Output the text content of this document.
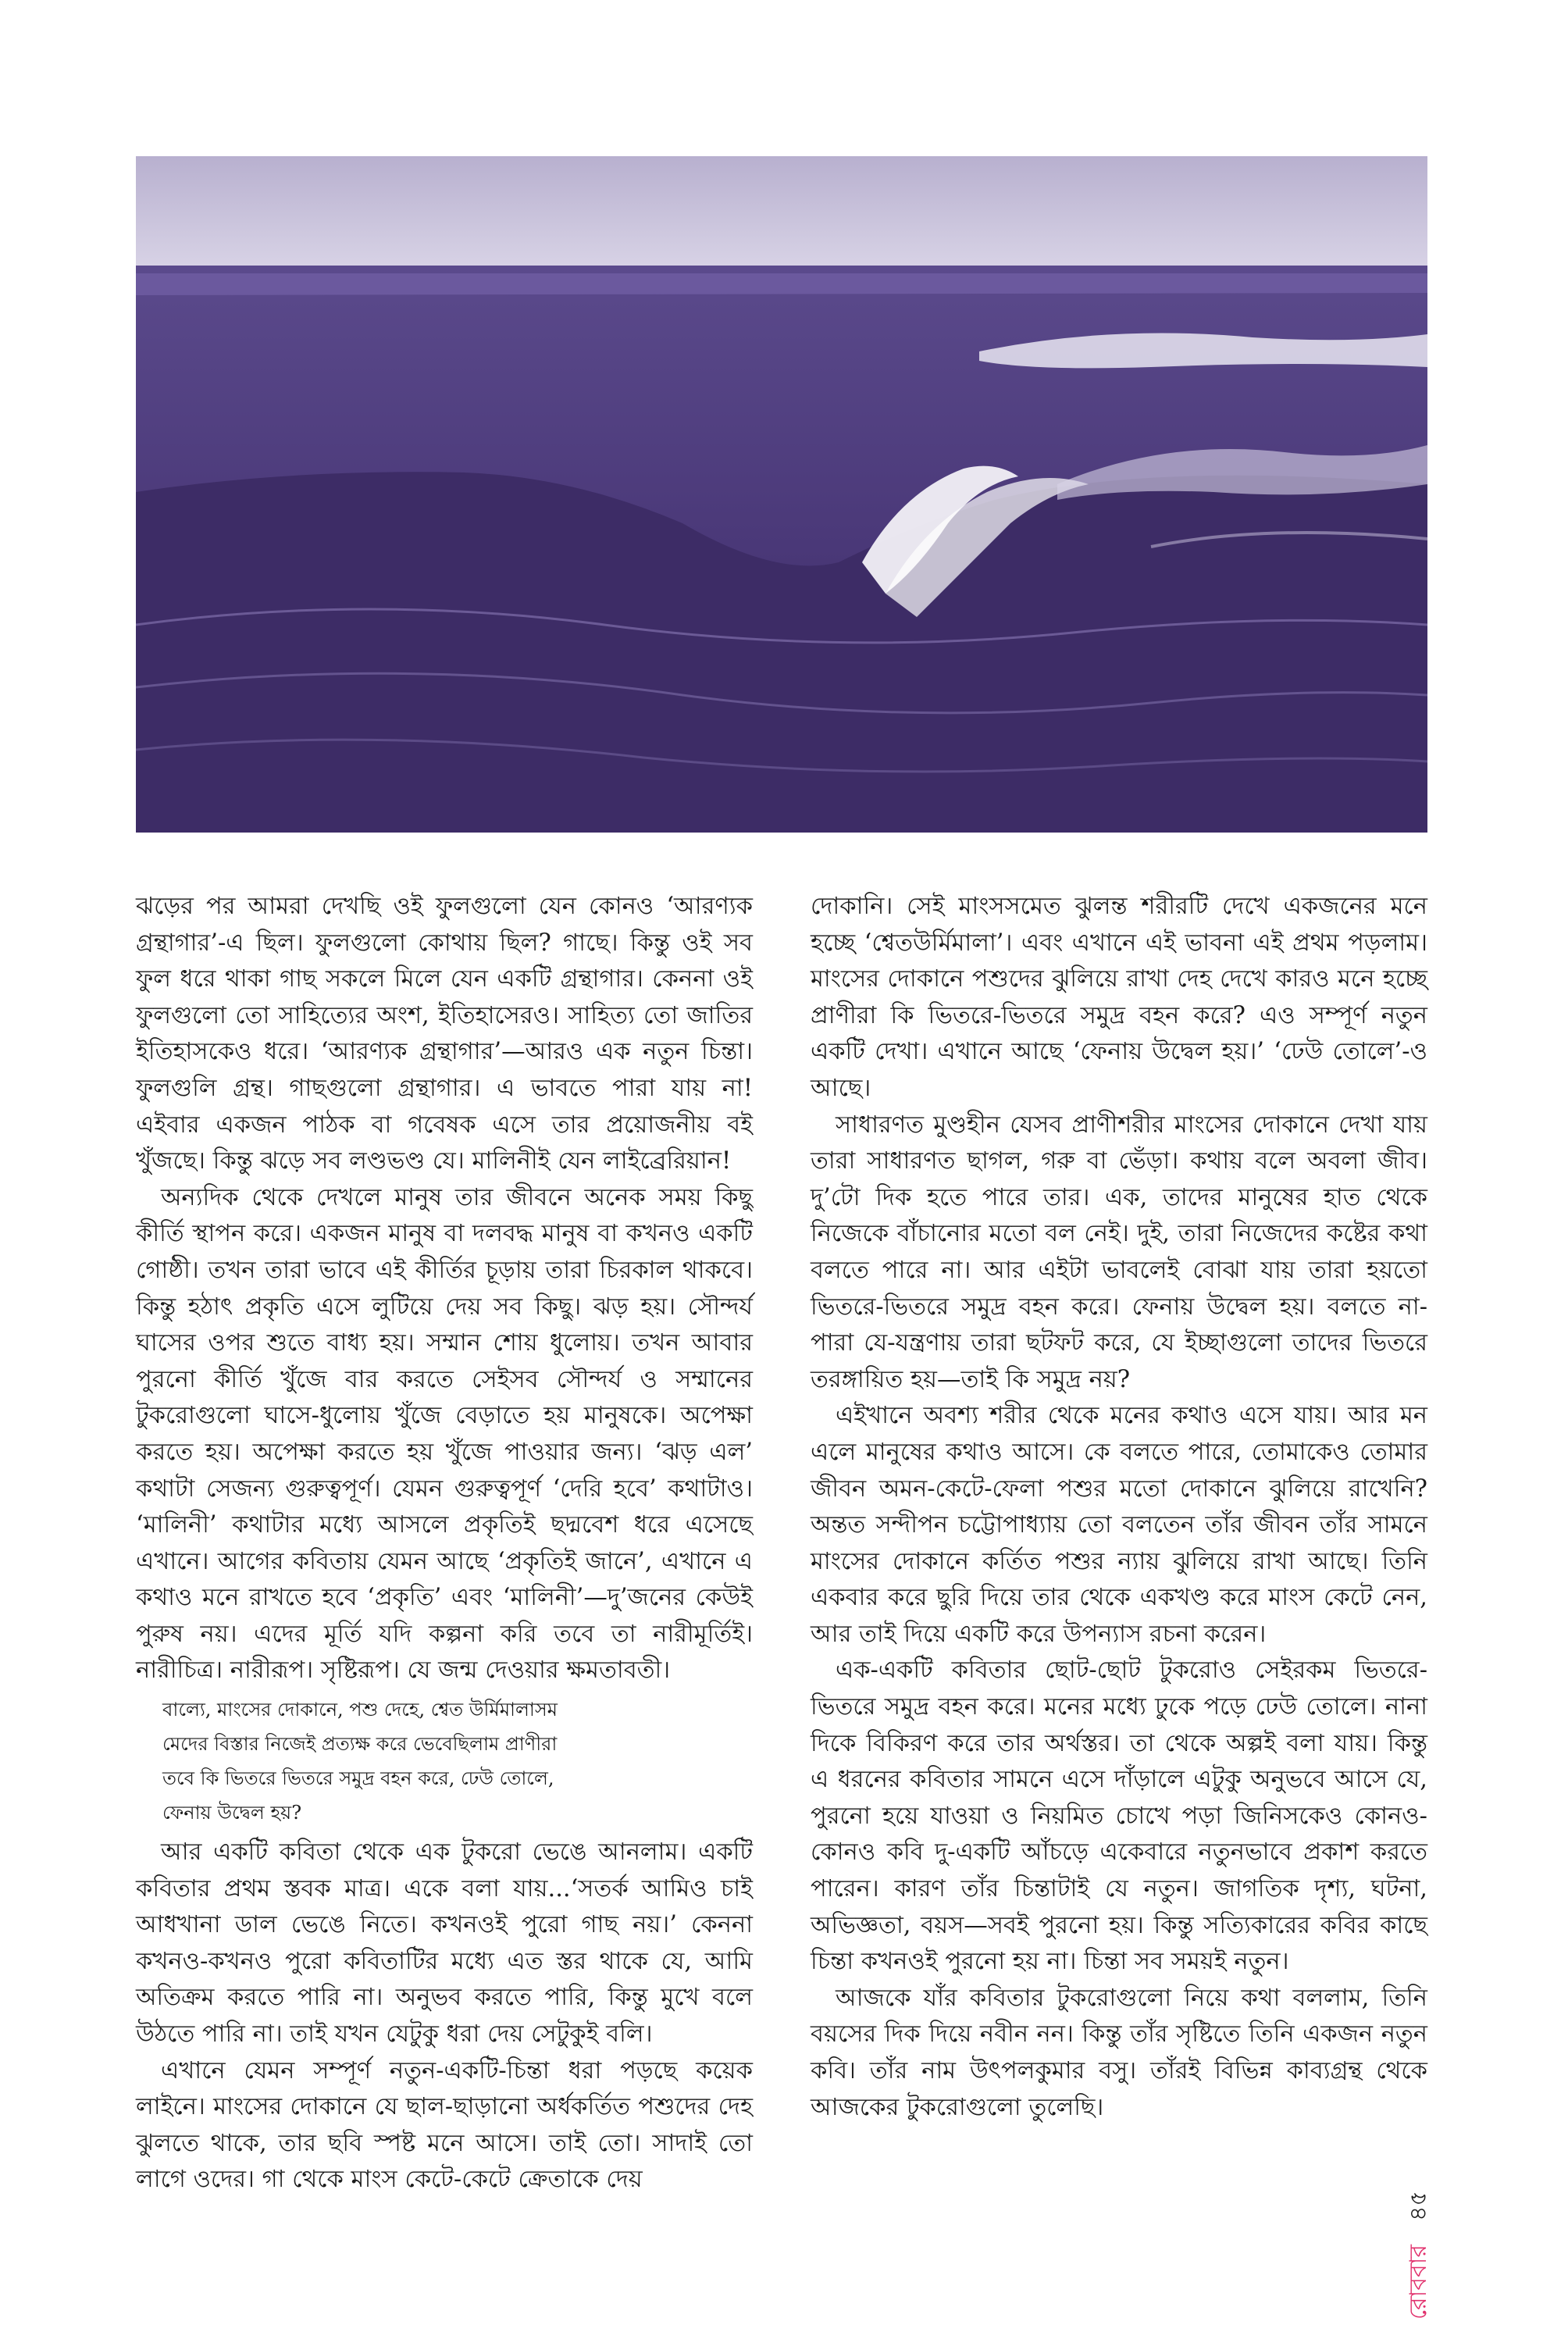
ঝড়ের পর আমরা দেখছি ওই ফুলগুলো যেন কোনও ‘আরণ্যক গ্রন্থাগার’-এ ছিল। ফুলগুলো কোথায় ছিল? গাছে। কিন্তু ওই সব ফুল ধরে থাকা গাছ সকলে মিলে যেন একটি গ্রন্থাগার। কেননা ওই ফুলগুলো তো সাহিত্যের অংশ, ইতিহাসেরও। সাহিত্য তো জাতির ইতিহাসকেও ধরে। ‘আরণ্যক গ্রন্থাগার’—আরও এক নতুন চিন্তা। ফুলগুলি গ্রন্থ। গাছগুলো গ্রন্থাগার। এ ভাবতে পারা যায় না! এইবার একজন পাঠক বা গবেষক এসে তার প্রয়োজনীয় বই খুঁজছে। কিন্তু ঝড়ে সব লণ্ডভণ্ড যে। মালিনীই যেন লাইব্রেরিয়ান!

অন্যদিক থেকে দেখলে মানুষ তার জীবনে অনেক সময় কিছু কীর্তি স্থাপন করে। একজন মানুষ বা দলবদ্ধ মানুষ বা কখনও একটি গোষ্ঠী। তখন তারা ভাবে এই কীর্তির চূড়ায় তারা চিরকাল থাকবে। কিন্তু হঠাৎ প্রকৃতি এসে লুটিয়ে দেয় সব কিছু। ঝড় হয়। সৌন্দর্য ঘাসের ওপর শুতে বাধ্য হয়। সম্মান শোয় ধুলোয়। তখন আবার পুরনো কীর্তি খুঁজে বার করতে সেইসব সৌন্দর্য ও সম্মানের টুকরোগুলো ঘাসে-ধুলোয় খুঁজে বেড়াতে হয় মানুষকে। অপেক্ষা করতে হয়। অপেক্ষা করতে হয় খুঁজে পাওয়ার জন্য। ‘ঝড় এল’ কথাটা সেজন্য গুরুত্বপূর্ণ। যেমন গুরুত্বপূর্ণ ‘দেরি হবে’ কথাটাও। ‘মালিনী’ কথাটার মধ্যে আসলে প্রকৃতিই ছদ্মবেশ ধরে এসেছে এখানে। আগের কবিতায় যেমন আছে ‘প্রকৃতিই জানে’, এখানে এ কথাও মনে রাখতে হবে ‘প্রকৃতি’ এবং ‘মালিনী’—দু’জনের কেউই পুরুষ নয়। এদের মূর্তি যদি কল্পনা করি তবে তা নারীমূর্তিই। নারীচিত্র। নারীরূপ। সৃষ্টিরূপ। যে জন্ম দেওয়ার ক্ষমতাবতী।

বাল্যে, মাংসের দোকানে, পশু দেহে, শ্বেত উর্মিমালাসম

মেদের বিস্তার নিজেই প্রত্যক্ষ করে ভেবেছিলাম প্রাণীরা

তবে কি ভিতরে ভিতরে সমুদ্র বহন করে, ঢেউ তোলে,

ফেনায় উদ্বেল হয়?

আর একটি কবিতা থেকে এক টুকরো ভেঙে আনলাম। একটি কবিতার প্রথম স্তবক মাত্র। একে বলা যায়...‘সতর্ক আমিও চাই আধখানা ডাল ভেঙে নিতে। কখনওই পুরো গাছ নয়।’ কেননা কখনও-কখনও পুরো কবিতাটির মধ্যে এত স্তর থাকে যে, আমি অতিক্রম করতে পারি না। অনুভব করতে পারি, কিন্তু মুখে বলে উঠতে পারি না। তাই যখন যেটুকু ধরা দেয় সেটুকুই বলি।

এখানে যেমন সম্পূর্ণ নতুন-একটি-চিন্তা ধরা পড়ছে কয়েক লাইনে। মাংসের দোকানে যে ছাল-ছাড়ানো অর্ধকর্তিত পশুদের দেহ ঝুলতে থাকে, তার ছবি স্পষ্ট মনে আসে। তাই তো। সাদাই তো লাগে ওদের। গা থেকে মাংস কেটে-কেটে ক্রেতাকে দেয়

দোকানি। সেই মাংসসমেত ঝুলন্ত শরীরটি দেখে একজনের মনে হচ্ছে ‘শ্বেতউর্মিমালা’। এবং এখানে এই ভাবনা এই প্রথম পড়লাম। মাংসের দোকানে পশুদের ঝুলিয়ে রাখা দেহ দেখে কারও মনে হচ্ছে প্রাণীরা কি ভিতরে-ভিতরে সমুদ্র বহন করে? এও সম্পূর্ণ নতুন একটি দেখা। এখানে আছে ‘ফেনায় উদ্বেল হয়।’ ‘ঢেউ তোলে’-ও আছে।

সাধারণত মুণ্ডহীন যেসব প্রাণীশরীর মাংসের দোকানে দেখা যায় তারা সাধারণত ছাগল, গরু বা ভেঁড়া। কথায় বলে অবলা জীব। দু’টো দিক হতে পারে তার। এক, তাদের মানুষের হাত থেকে নিজেকে বাঁচানোর মতো বল নেই। দুই, তারা নিজেদের কষ্টের কথা বলতে পারে না। আর এইটা ভাবলেই বোঝা যায় তারা হয়তো ভিতরে-ভিতরে সমুদ্র বহন করে। ফেনায় উদ্বেল হয়। বলতে না-পারা যে-যন্ত্রণায় তারা ছটফট করে, যে ইচ্ছাগুলো তাদের ভিতরে তরঙ্গায়িত হয়—তাই কি সমুদ্র নয়?

এইখানে অবশ্য শরীর থেকে মনের কথাও এসে যায়। আর মন এলে মানুষের কথাও আসে। কে বলতে পারে, তোমাকেও তোমার জীবন অমন-কেটে-ফেলা পশুর মতো দোকানে ঝুলিয়ে রাখেনি? অন্তত সন্দীপন চট্টোপাধ্যায় তো বলতেন তাঁর জীবন তাঁর সামনে মাংসের দোকানে কর্তিত পশুর ন্যায় ঝুলিয়ে রাখা আছে। তিনি একবার করে ছুরি দিয়ে তার থেকে একখণ্ড করে মাংস কেটে নেন, আর তাই দিয়ে একটি করে উপন্যাস রচনা করেন।

এক-একটি কবিতার ছোট-ছোট টুকরোও সেইরকম ভিতরে-ভিতরে সমুদ্র বহন করে। মনের মধ্যে ঢুকে পড়ে ঢেউ তোলে। নানা দিকে বিকিরণ করে তার অর্থস্তর। তা থেকে অল্পই বলা যায়। কিন্তু এ ধরনের কবিতার সামনে এসে দাঁড়ালে এটুকু অনুভবে আসে যে, পুরনো হয়ে যাওয়া ও নিয়মিত চোখে পড়া জিনিসকেও কোনও-কোনও কবি দু-একটি আঁচড়ে একেবারে নতুনভাবে প্রকাশ করতে পারেন। কারণ তাঁর চিন্তাটাই যে নতুন। জাগতিক দৃশ্য, ঘটনা, অভিজ্ঞতা, বয়স—সবই পুরনো হয়। কিন্তু সত্যিকারের কবির কাছে চিন্তা কখনওই পুরনো হয় না। চিন্তা সব সময়ই নতুন।

আজকে যাঁর কবিতার টুকরোগুলো নিয়ে কথা বললাম, তিনি বয়সের দিক দিয়ে নবীন নন। কিন্তু তাঁর সৃষ্টিতে তিনি একজন নতুন কবি। তাঁর নাম উৎপলকুমার বসু। তাঁরই বিভিন্ন কাব্যগ্রন্থ থেকে আজকের টুকরোগুলো তুলেছি।

রোববার৪৫
